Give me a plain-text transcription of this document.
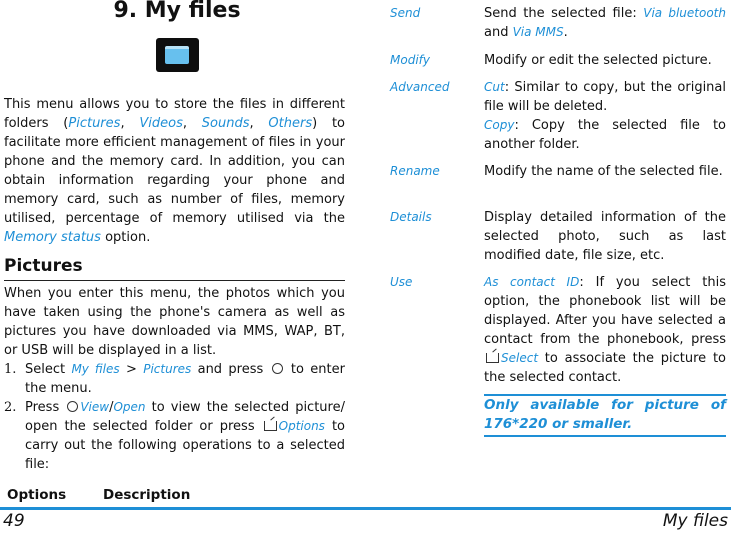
9. My files

This menu allows you to store the files in different folders (Pictures, Videos, Sounds, Others) to facilitate more efficient management of files in your phone and the memory card. In addition, you can obtain information regarding your phone and memory card, such as number of files, memory utilised, percentage of memory utilised via the Memory status option.

Pictures

When you enter this menu, the photos which you have taken using the phone's camera as well as pictures you have downloaded via MMS, WAP, BT, or USB will be displayed in a list.

1. Select My files > Pictures and press  to enter the menu.
2. Press View/Open to view the selected picture/ open the selected folder or press Options to carry out the following operations to a selected file:
Options	Description
Send	Send the selected file: Via bluetooth and Via MMS.
Modify	Modify or edit the selected picture.
Advanced	Cut: Similar to copy, but the original file will be deleted.
Copy: Copy the selected file to another folder.
Rename	Modify the name of the selected file.
Details	Display detailed information of the selected photo, such as last modified date, file size, etc.
Use	As contact ID: If you select this option, the phonebook list will be displayed. After you have selected a contact from the phonebook, press Select to associate the picture to the selected contact.
Only available for picture of 176*220 or smaller.
49	My files
